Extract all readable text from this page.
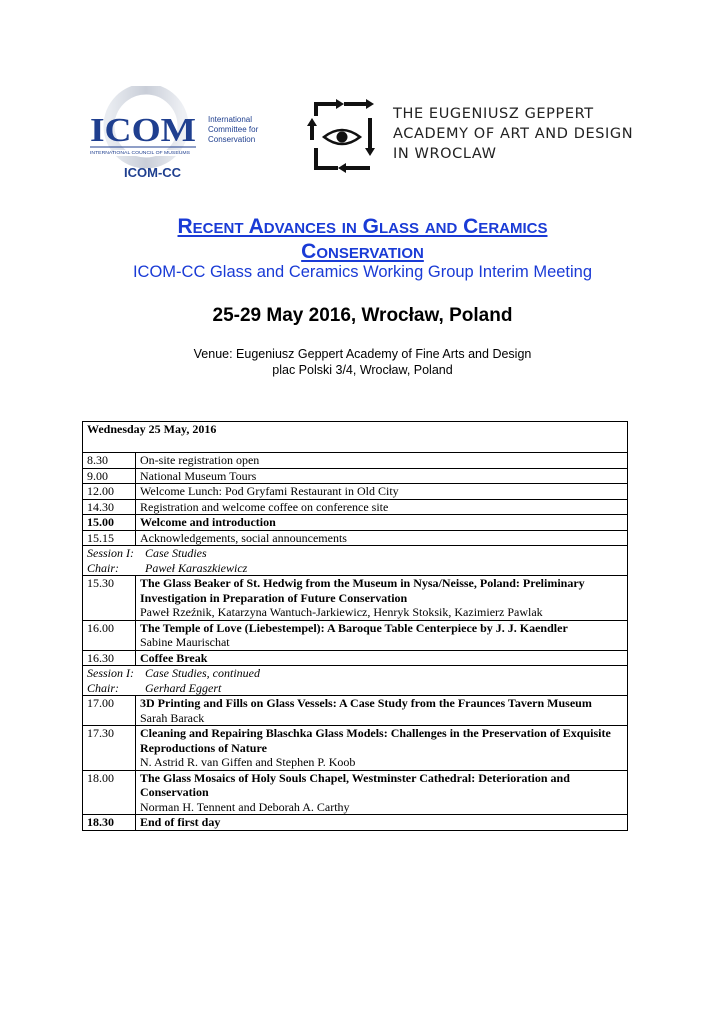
ICOM
INTERNATIONAL COUNCIL OF MUSEUMS
International
Committee for
Conservation
ICOM-CC
THE EUGENIUSZ GEPPERT
ACADEMY OF ART AND DESIGN
IN WROCLAW
Recent Advances in Glass and Ceramics
Conservation
ICOM-CC Glass and Ceramics Working Group Interim Meeting
25-29 May 2016, Wrocław, Poland
Venue: Eugeniusz Geppert Academy of Fine Arts and Design
plac Polski 3/4, Wrocław, Poland
Wednesday 25 May, 2016	
8.30	On-site registration open
9.00	National Museum Tours
12.00	Welcome Lunch: Pod Gryfami Restaurant in Old City
14.30	Registration and welcome coffee on conference site
15.00	Welcome and introduction
15.15	Acknowledgements, social announcements

Session I: Case Studies
Chair: Paweł Karaszkiewicz	

15.30	The Glass Beaker of St. Hedwig from the Museum in Nysa/Neisse, Poland: Preliminary Investigation in Preparation of Future Conservation
Paweł Rzeźnik, Katarzyna Wantuch-Jarkiewicz, Henryk Stoksik, Kazimierz Pawlak

16.00	The Temple of Love (Liebestempel): A Baroque Table Centerpiece by J. J. Kaendler
Sabine Maurischat

16.30	Coffee Break

Session I: Case Studies, continued
Chair: Gerhard Eggert	

17.00	3D Printing and Fills on Glass Vessels: A Case Study from the Fraunces Tavern Museum
Sarah Barack

17.30	Cleaning and Repairing Blaschka Glass Models: Challenges in the Preservation of Exquisite Reproductions of Nature
N. Astrid R. van Giffen and Stephen P. Koob

18.00	The Glass Mosaics of Holy Souls Chapel, Westminster Cathedral: Deterioration and Conservation
Norman H. Tennent and Deborah A. Carthy

18.30	End of first day
